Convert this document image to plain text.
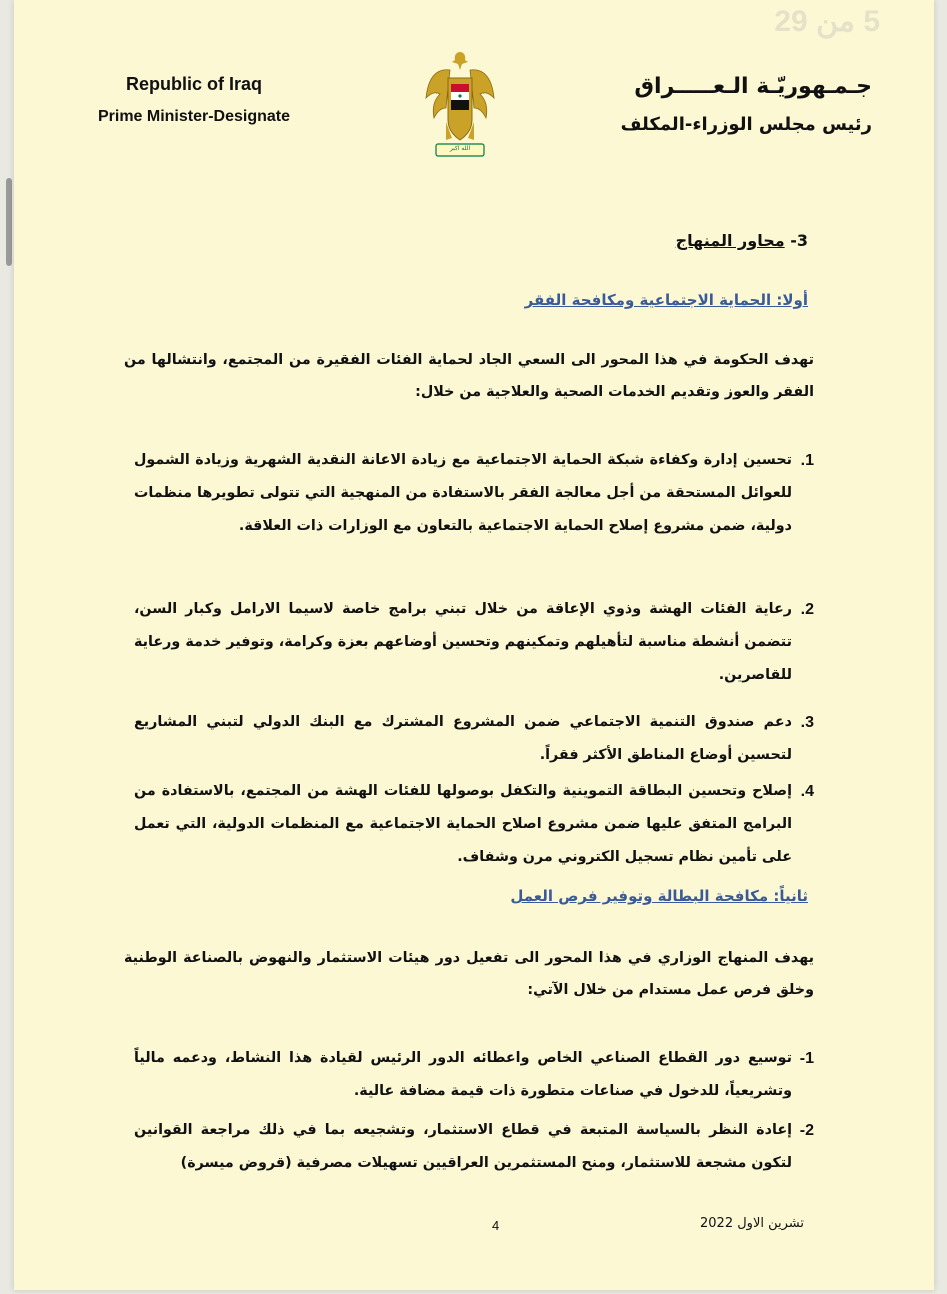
5 من 29
Republic of Iraq
Prime Minister-Designate
الله اكبر
جـمـهوريّـة الـعـــــراق
رئيس مجلس الوزراء-المكلف
3- محاور المنهاج
أولا: الحماية الاجتماعية ومكافحة الفقر
تهدف الحكومة في هذا المحور الى السعي الجاد لحماية الفئات الفقيرة من المجتمع، وانتشالها من الفقر والعوز وتقديم الخدمات الصحية والعلاجية من خلال:
1.
تحسين إدارة وكفاءة شبكة الحماية الاجتماعية مع زيادة الاعانة النقدية الشهرية وزيادة الشمول للعوائل المستحقة من أجل معالجة الفقر بالاستفادة من المنهجية التي تتولى تطويرها منظمات دولية، ضمن مشروع إصلاح الحماية الاجتماعية بالتعاون مع الوزارات ذات العلاقة.
2.
رعاية الفئات الهشة وذوي الإعاقة من خلال تبني برامج خاصة لاسيما الارامل وكبار السن، تتضمن أنشطة مناسبة لتأهيلهم وتمكينهم وتحسين أوضاعهم بعزة وكرامة، وتوفير خدمة ورعاية للقاصرين.
3.
دعم صندوق التنمية الاجتماعي ضمن المشروع المشترك مع البنك الدولي لتبني المشاريع لتحسين أوضاع المناطق الأكثر فقراً.
4.
إصلاح وتحسين البطاقة التموينية والتكفل بوصولها للفئات الهشة من المجتمع، بالاستفادة من البرامج المتفق عليها ضمن مشروع اصلاح الحماية الاجتماعية مع المنظمات الدولية، التي تعمل على تأمين نظام تسجيل الكتروني مرن وشفاف.
ثانياً: مكافحة البطالة وتوفير فرص العمل
يهدف المنهاج الوزاري في هذا المحور الى تفعيل دور هيئات الاستثمار والنهوض بالصناعة الوطنية وخلق فرص عمل مستدام من خلال الآتي:
1-
توسيع دور القطاع الصناعي الخاص واعطائه الدور الرئيس لقيادة هذا النشاط، ودعمه مالياً وتشريعياً، للدخول في صناعات متطورة ذات قيمة مضافة عالية.
2-
إعادة النظر بالسياسة المتبعة في قطاع الاستثمار، وتشجيعه بما في ذلك مراجعة القوانين لتكون مشجعة للاستثمار، ومنح المستثمرين العراقيين تسهيلات مصرفية (قروض ميسرة)
4	تشرين الاول 2022
